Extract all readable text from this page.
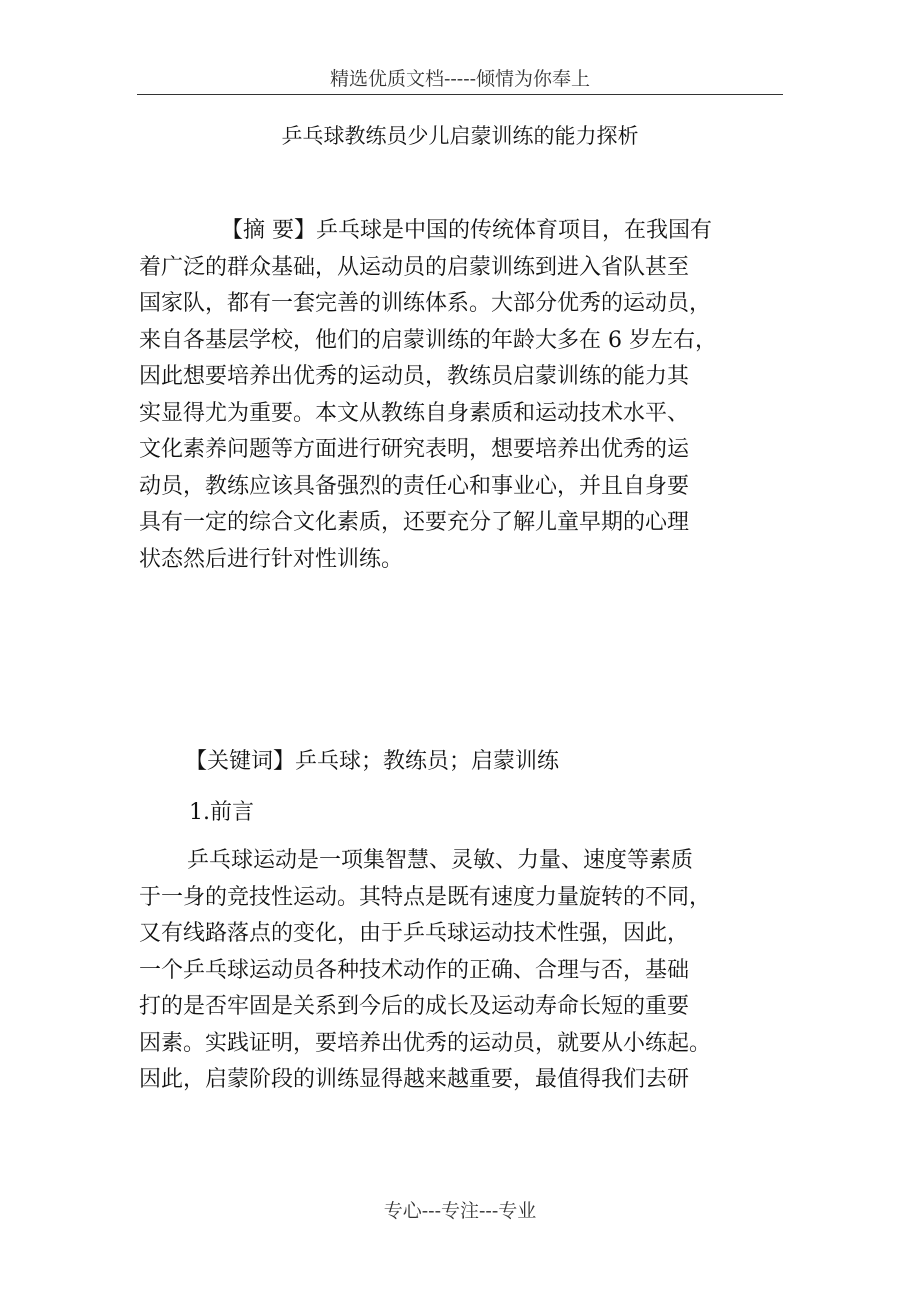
精选优质文档-----倾情为你奉上
乒乓球教练员少儿启蒙训练的能力探析
【摘 要】乒乓球是中国的传统体育项目，在我国有
着广泛的群众基础，从运动员的启蒙训练到进入省队甚至
国家队，都有一套完善的训练体系。大部分优秀的运动员，
来自各基层学校，他们的启蒙训练的年龄大多在 6 岁左右，
因此想要培养出优秀的运动员，教练员启蒙训练的能力其
实显得尤为重要。本文从教练自身素质和运动技术水平、
文化素养问题等方面进行研究表明，想要培养出优秀的运
动员，教练应该具备强烈的责任心和事业心，并且自身要
具有一定的综合文化素质，还要充分了解儿童早期的心理
状态然后进行针对性训练。
【关键词】乒乓球；教练员；启蒙训练
1.前言
乒乓球运动是一项集智慧、灵敏、力量、速度等素质
于一身的竞技性运动。其特点是既有速度力量旋转的不同，
又有线路落点的变化，由于乒乓球运动技术性强，因此，
一个乒乓球运动员各种技术动作的正确、合理与否，基础
打的是否牢固是关系到今后的成长及运动寿命长短的重要
因素。实践证明，要培养出优秀的运动员，就要从小练起。
因此，启蒙阶段的训练显得越来越重要，最值得我们去研
专心---专注---专业
